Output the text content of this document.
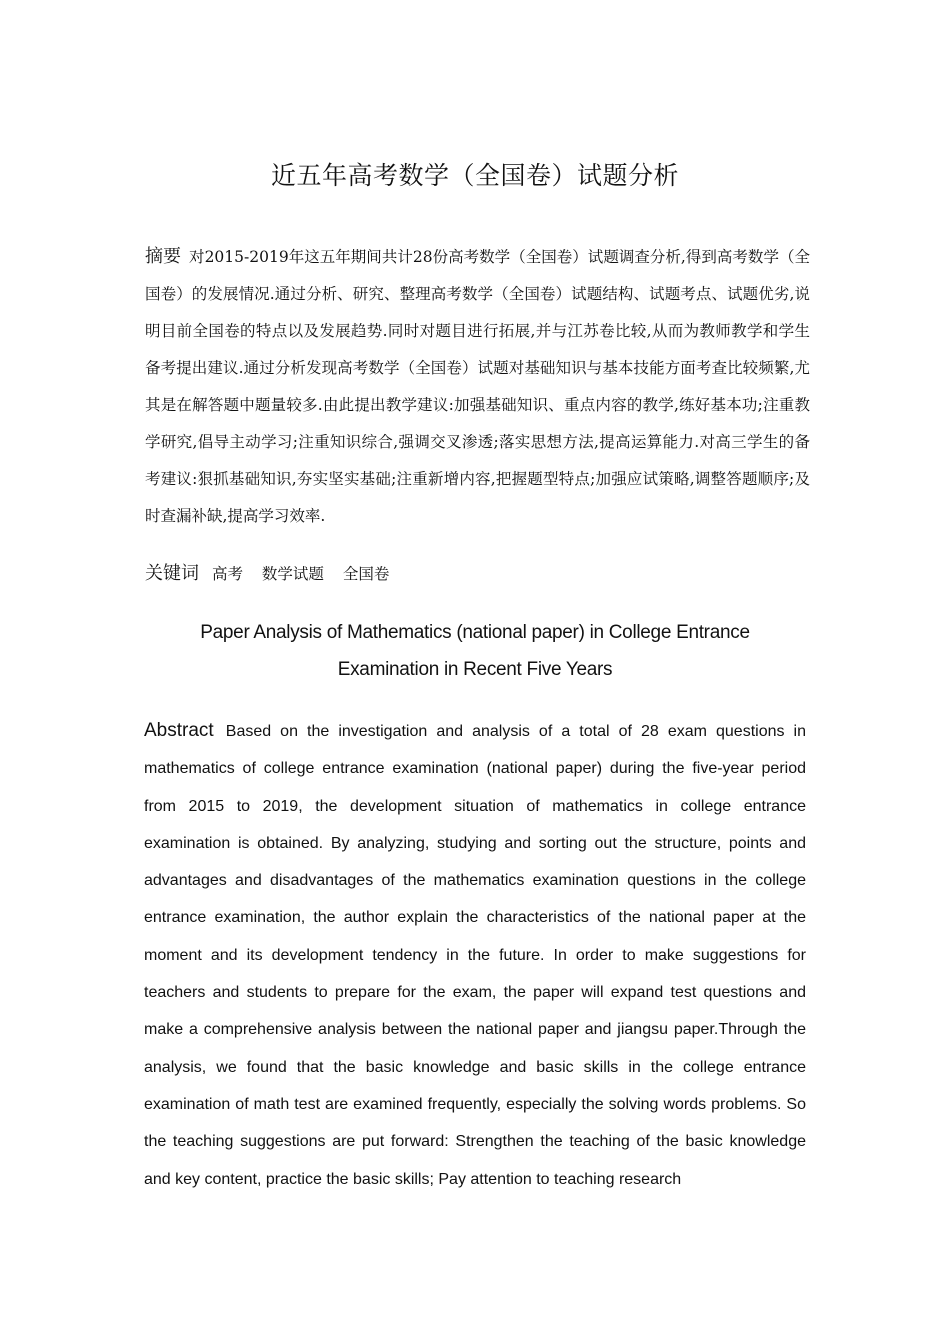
近五年高考数学（全国卷）试题分析
摘要 对2015-2019年这五年期间共计28份高考数学（全国卷）试题调查分析,得到高考数学（全国卷）的发展情况.通过分析、研究、整理高考数学（全国卷）试题结构、试题考点、试题优劣,说明目前全国卷的特点以及发展趋势.同时对题目进行拓展,并与江苏卷比较,从而为教师教学和学生备考提出建议.通过分析发现高考数学（全国卷）试题对基础知识与基本技能方面考查比较频繁,尤其是在解答题中题量较多.由此提出教学建议:加强基础知识、重点内容的教学,练好基本功;注重教学研究,倡导主动学习;注重知识综合,强调交叉渗透;落实思想方法,提高运算能力.对高三学生的备考建议:狠抓基础知识,夯实坚实基础;注重新增内容,把握题型特点;加强应试策略,调整答题顺序;及时查漏补缺,提高学习效率.
关键词 高考 数学试题 全国卷
Paper Analysis of Mathematics (national paper) in College Entrance
Examination in Recent Five Years
Abstract Based on the investigation and analysis of a total of 28 exam questions in mathematics of college entrance examination (national paper) during the five-year period from 2015 to 2019, the development situation of mathematics in college entrance examination is obtained. By analyzing, studying and sorting out the structure, points and advantages and disadvantages of the mathematics examination questions in the college entrance examination, the author explain the characteristics of the national paper at the moment and its development tendency in the future. In order to make suggestions for teachers and students to prepare for the exam, the paper will expand test questions and make a comprehensive analysis between the national paper and jiangsu paper.Through the analysis, we found that the basic knowledge and basic skills in the college entrance examination of math test are examined frequently, especially the solving words problems. So the teaching suggestions are put forward: Strengthen the teaching of the basic knowledge and key content, practice the basic skills; Pay attention to teaching research
